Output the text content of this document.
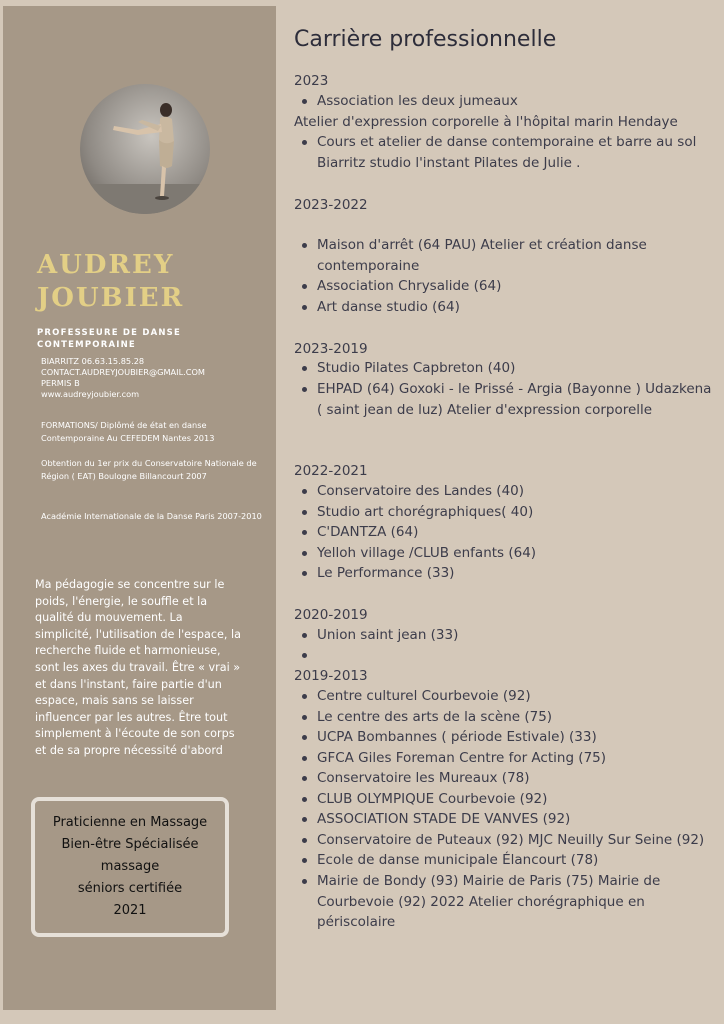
AUDREY
JOUBIER

PROFESSEURE DE DANSE CONTEMPORAINE

BIARRITZ 06.63.15.85.28
CONTACT.AUDREYJOUBIER@GMAIL.COM
PERMIS B
www.audreyjoubier.com
FORMATIONS/ Diplômé de état en danse Contemporaine Au CEFEDEM Nantes 2013
Obtention du 1er prix du Conservatoire Nationale de Région ( EAT) Boulogne Billancourt 2007
Académie Internationale de la Danse Paris 2007-2010

Ma pédagogie se concentre sur le poids, l'énergie, le souffle et la qualité du mouvement. La simplicité, l'utilisation de l'espace, la recherche fluide et harmonieuse, sont les axes du travail. Être « vrai » et dans l'instant, faire partie d'un espace, mais sans se laisser influencer par les autres. Être tout simplement à l'écoute de son corps et de sa propre nécessité d'abord

Praticienne en Massage
Bien-être Spécialisée
massage
séniors certifiée
2021
Carrière professionnelle

2023

Association les deux jumeaux
Atelier d'expression corporelle à l'hôpital marin Hendaye
Cours et atelier de danse contemporaine et barre au sol Biarritz studio l'instant Pilates de Julie .

2023-2022

Maison d'arrêt (64 PAU) Atelier et création danse contemporaine
Association Chrysalide (64)
Art danse studio (64)

2023-2019

Studio Pilates Capbreton (40)
EHPAD (64) Goxoki - le Prissé - Argia (Bayonne ) Udazkena ( saint jean de luz) Atelier d'expression corporelle

2022-2021

Conservatoire des Landes (40)
Studio art chorégraphiques( 40)
C'DANTZA (64)
Yelloh village /CLUB enfants (64)
Le Performance (33)

2020-2019

Union saint jean (33)

2019-2013

Centre culturel Courbevoie (92)
Le centre des arts de la scène (75)
UCPA Bombannes ( période Estivale) (33)
GFCA Giles Foreman Centre for Acting (75)
Conservatoire les Mureaux (78)
CLUB OLYMPIQUE Courbevoie (92)
ASSOCIATION STADE DE VANVES (92)
Conservatoire de Puteaux (92) MJC Neuilly Sur Seine (92)
Ecole de danse municipale Élancourt (78)
Mairie de Bondy (93) Mairie de Paris (75) Mairie de Courbevoie (92) 2022 Atelier chorégraphique en périscolaire
